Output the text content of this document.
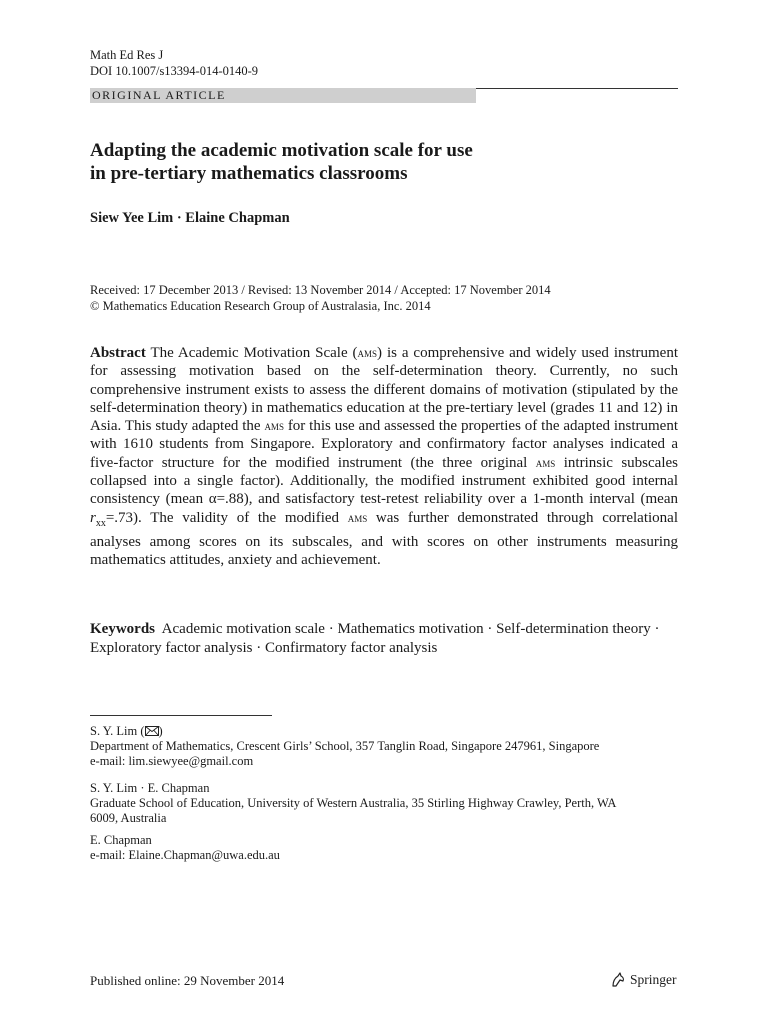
Math Ed Res J
DOI 10.1007/s13394-014-0140-9
ORIGINAL ARTICLE
Adapting the academic motivation scale for use
in pre-tertiary mathematics classrooms
Siew Yee Lim · Elaine Chapman
Received: 17 December 2013 / Revised: 13 November 2014 / Accepted: 17 November 2014
© Mathematics Education Research Group of Australasia, Inc. 2014
Abstract The Academic Motivation Scale (ams) is a comprehensive and widely used instrument for assessing motivation based on the self-determination theory. Currently, no such comprehensive instrument exists to assess the different domains of motivation (stipulated by the self-determination theory) in mathematics education at the pre-tertiary level (grades 11 and 12) in Asia. This study adapted the ams for this use and assessed the properties of the adapted instrument with 1610 students from Singapore. Exploratory and confirmatory factor analyses indicated a five-factor structure for the modified instrument (the three original ams intrinsic subscales collapsed into a single factor). Additionally, the modified instrument exhibited good internal consistency (mean α=.88), and satisfactory test-retest reliability over a 1-month interval (mean $r_{xx}=.73$). The validity of the modified ams was further demonstrated through correlational analyses among scores on its subscales, and with scores on other instruments measuring mathematics attitudes, anxiety and achievement.
Keywords  Academic motivation scale · Mathematics motivation · Self-determination theory · Exploratory factor analysis · Confirmatory factor analysis
S. Y. Lim ( )
Department of Mathematics, Crescent Girls’ School, 357 Tanglin Road, Singapore 247961, Singapore
e-mail: lim.siewyee@gmail.com
S. Y. Lim · E. Chapman
Graduate School of Education, University of Western Australia, 35 Stirling Highway Crawley, Perth, WA
6009, Australia
E. Chapman
e-mail: Elaine.Chapman@uwa.edu.au
Published online: 29 November 2014	Springer
